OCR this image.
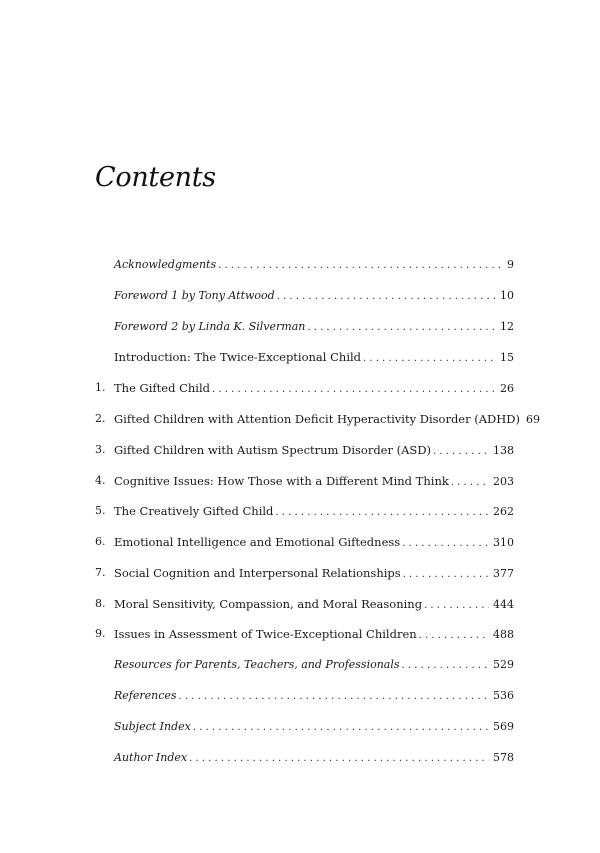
Contents
Acknowledgments . . .	9
Foreword 1 by Tony Attwood . . .	10
Foreword 2 by Linda K. Silverman . . .	12
Introduction: The Twice-Exceptional Child . . .	15
1. The Gifted Child . . .	26
2. Gifted Children with Attention Deficit Hyperactivity Disorder (ADHD) 69
3. Gifted Children with Autism Spectrum Disorder (ASD) . . .	138
4. Cognitive Issues: How Those with a Different Mind Think . . .	203
5. The Creatively Gifted Child . . .	262
6. Emotional Intelligence and Emotional Giftedness . . .	310
7. Social Cognition and Interpersonal Relationships . . .	377
8. Moral Sensitivity, Compassion, and Moral Reasoning . . .	444
9. Issues in Assessment of Twice-Exceptional Children . . .	488
Resources for Parents, Teachers, and Professionals . . .	529
References . . .	536
Subject Index . . .	569
Author Index . . .	578
